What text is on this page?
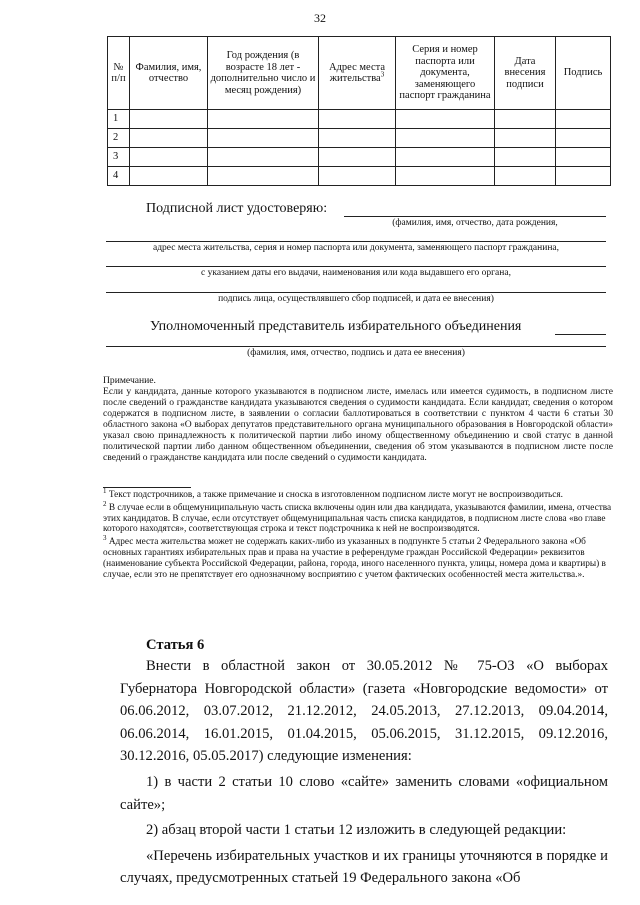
32
№ п/п	Фамилия, имя, отчество	Год рождения (в возрасте 18 лет - дополнительно число и месяц рождения)	Адрес места жительства$^3$	Серия и номер паспорта или документа, заменяющего паспорт гражданина	Дата внесения подписи	Подпись
1						
2						
3						
4						
Подписной лист удостоверяю:
(фамилия, имя, отчество, дата рождения,
адрес места жительства, серия и номер паспорта или документа, заменяющего паспорт гражданина,
с указанием даты его выдачи, наименования или кода выдавшего его органа,
подпись лица, осуществлявшего сбор подписей, и дата ее внесения)
Уполномоченный представитель избирательного объединения
(фамилия, имя, отчество, подпись и дата ее внесения)

Примечание.

Если у кандидата, данные которого указываются в подписном листе, имелась или имеется судимость, в подписном листе после сведений о гражданстве кандидата указываются сведения о судимости кандидата. Если кандидат, сведения о котором содержатся в подписном листе, в заявлении о согласии баллотироваться в соответствии с пунктом 4 части 6 статьи 30 областного закона «О выборах депутатов представительного органа муниципального образования в Новгородской области» указал свою принадлежность к политической партии либо иному общественному объединению и свой статус в данной политической партии либо данном общественном объединении, сведения об этом указываются в подписном листе после сведений о гражданстве кандидата или после сведений о судимости кандидата.

$^1$ Текст подстрочников, а также примечание и сноска в изготовленном подписном листе могут не воспроизводиться.

$^2$ В случае если в общемуниципальную часть списка включены один или два кандидата, указываются фамилии, имена, отчества этих кандидатов. В случае, если отсутствует общемуниципальная часть списка кандидатов, в подписном листе слова «во главе которого находятся», соответствующая строка и текст подстрочника к ней не воспроизводятся.

$^3$ Адрес места жительства может не содержать каких-либо из указанных в подпункте 5 статьи 2 Федерального закона «Об основных гарантиях избирательных прав и права на участие в референдуме граждан Российской Федерации» реквизитов (наименование субъекта Российской Федерации, района, города, иного населенного пункта, улицы, номера дома и квартиры) в случае, если это не препятствует его однозначному восприятию с учетом фактических особенностей места жительства.».

Статья 6

Внести в областной закон от 30.05.2012 № 75-ОЗ «О выборах Губернатора Новгородской области» (газета «Новгородские ведомости» от 06.06.2012, 03.07.2012, 21.12.2012, 24.05.2013, 27.12.2013, 09.04.2014, 06.06.2014, 16.01.2015, 01.04.2015, 05.06.2015, 31.12.2015, 09.12.2016, 30.12.2016, 05.05.2017) следующие изменения:

1) в части 2 статьи 10 слово «сайте» заменить словами «официальном сайте»;

2) абзац второй части 1 статьи 12 изложить в следующей редакции:

«Перечень избирательных участков и их границы уточняются в порядке и случаях, предусмотренных статьей 19 Федерального закона «Об
